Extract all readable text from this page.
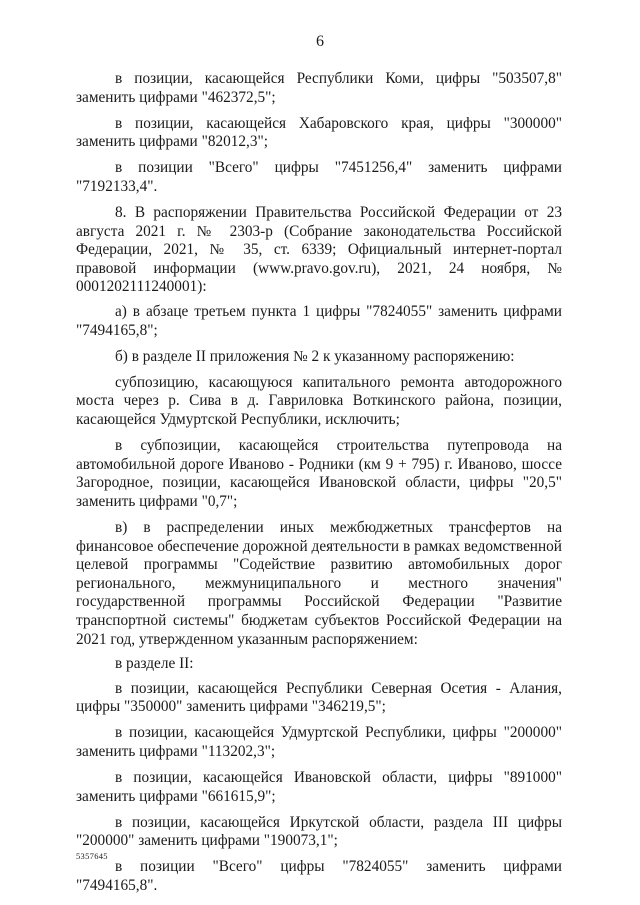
6

в позиции, касающейся Республики Коми, цифры "503507,8" заменить цифрами "462372,5";

в позиции, касающейся Хабаровского края, цифры "300000" заменить цифрами "82012,3";

в позиции "Всего" цифры "7451256,4" заменить цифрами "7192133,4".

8. В распоряжении Правительства Российской Федерации от 23 августа 2021 г. № 2303-р (Собрание законодательства Российской Федерации, 2021, № 35, ст. 6339; Официальный интернет-портал правовой информации (www.pravo.gov.ru), 2021, 24 ноября, № 0001202111240001):

а) в абзаце третьем пункта 1 цифры "7824055" заменить цифрами "7494165,8";

б) в разделе II приложения № 2 к указанному распоряжению:

субпозицию, касающуюся капитального ремонта автодорожного моста через р. Сива в д. Гавриловка Воткинского района, позиции, касающейся Удмуртской Республики, исключить;

в субпозиции, касающейся строительства путепровода на автомобильной дороге Иваново - Родники (км 9 + 795) г. Иваново, шоссе Загородное, позиции, касающейся Ивановской области, цифры "20,5" заменить цифрами "0,7";

в) в распределении иных межбюджетных трансфертов на финансовое обеспечение дорожной деятельности в рамках ведомственной целевой программы "Содействие развитию автомобильных дорог регионального, межмуниципального и местного значения" государственной программы Российской Федерации "Развитие транспортной системы" бюджетам субъектов Российской Федерации на 2021 год, утвержденном указанным распоряжением:

в разделе II:

в позиции, касающейся Республики Северная Осетия - Алания, цифры "350000" заменить цифрами "346219,5";

в позиции, касающейся Удмуртской Республики, цифры "200000" заменить цифрами "113202,3";

в позиции, касающейся Ивановской области, цифры "891000" заменить цифрами "661615,9";

в позиции, касающейся Иркутской области, раздела III цифры "200000" заменить цифрами "190073,1";

в позиции "Всего" цифры "7824055" заменить цифрами "7494165,8".

5357645
